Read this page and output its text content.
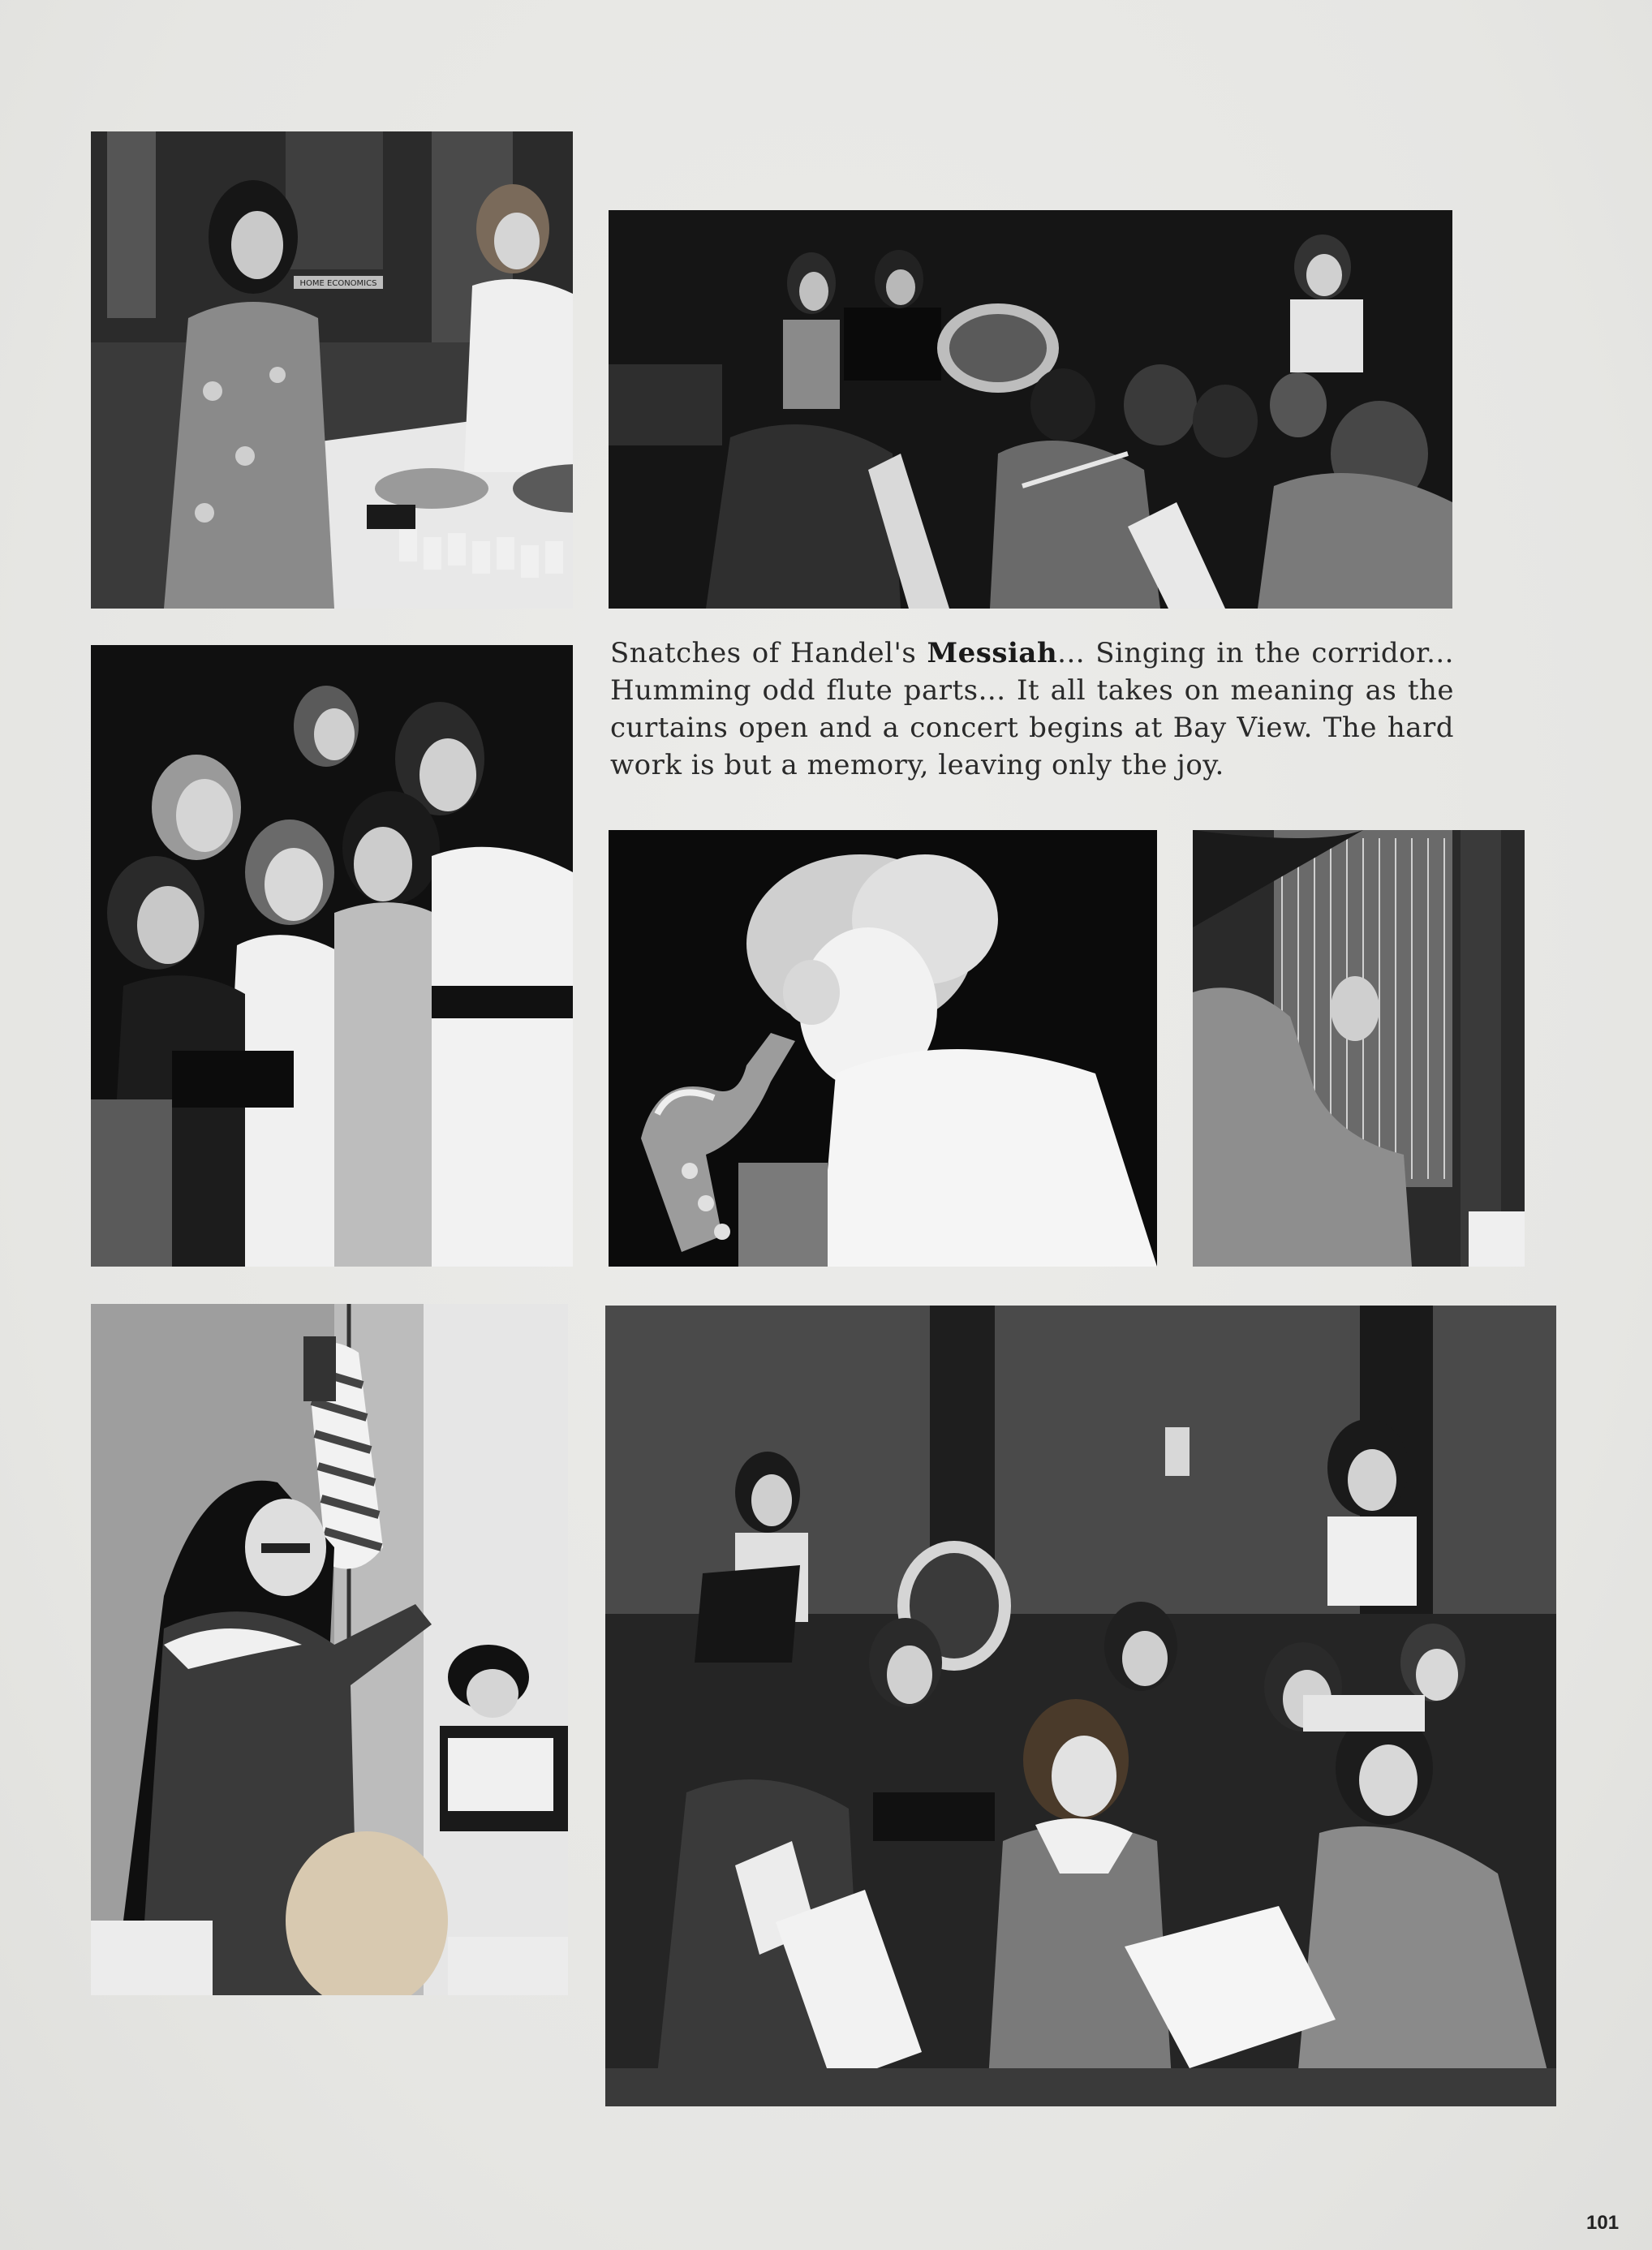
HOME ECONOMICS
Snatches of Handel's Messiah... Singing in the corridor... Humming odd flute parts... It all takes on meaning as the curtains open and a concert begins at Bay View. The hard work is but a memory, leaving only the joy.
101
